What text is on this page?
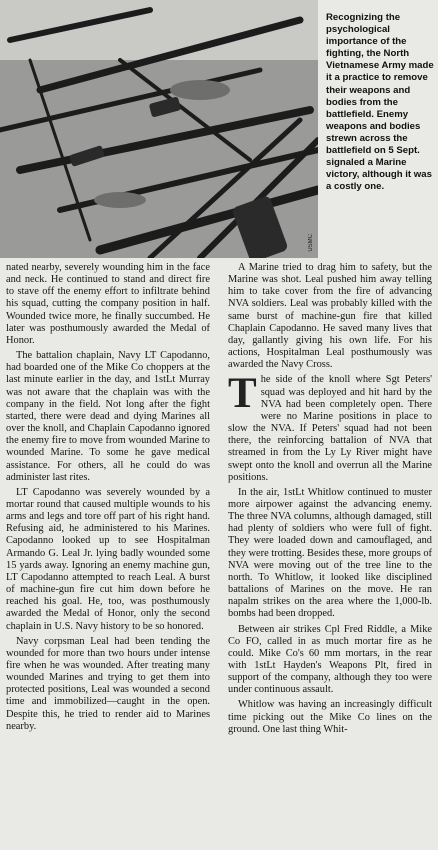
USMC
Recognizing the psychological importance of the fighting, the North Vietnamese Army made it a practice to remove their weapons and bodies from the battlefield. Enemy weapons and bodies strewn across the battlefield on 5 Sept. signaled a Marine victory, although it was a costly one.

nated nearby, severely wounding him in the face and neck. He continued to stand and direct fire to stave off the enemy effort to infiltrate behind his squad, cutting the company position in half. Wounded twice more, he finally succumbed. He later was posthumously awarded the Medal of Honor.

The battalion chaplain, Navy LT Capodanno, had boarded one of the Mike Co choppers at the last minute earlier in the day, and 1stLt Murray was not aware that the chaplain was with the company in the field. Not long after the fight started, there were dead and dying Marines all over the knoll, and Chaplain Capodanno ignored the enemy fire to move from wounded Marine to wounded Marine. To some he gave medical assistance. For others, all he could do was administer last rites.

LT Capodanno was severely wounded by a mortar round that caused multiple wounds to his arms and legs and tore off part of his right hand. Refusing aid, he administered to his Marines. Capodanno looked up to see Hospitalman Armando G. Leal Jr. lying badly wounded some 15 yards away. Ignoring an enemy machine gun, LT Capodanno attempted to reach Leal. A burst of machine-gun fire cut him down before he reached his goal. He, too, was posthumously awarded the Medal of Honor, only the second chaplain in U.S. Navy history to be so honored.

Navy corpsman Leal had been tending the wounded for more than two hours under intense fire when he was wounded. After treating many wounded Marines and trying to get them into protected positions, Leal was wounded a second time and immobilized—caught in the open. Despite this, he tried to render aid to Marines nearby.

A Marine tried to drag him to safety, but the Marine was shot. Leal pushed him away telling him to take cover from the fire of advancing NVA soldiers. Leal was probably killed with the same burst of machine-gun fire that killed Chaplain Capodanno. He saved many lives that day, gallantly giving his own life. For his actions, Hospitalman Leal posthumously was awarded the Navy Cross.

T he side of the knoll where Sgt Peters' squad was deployed and hit hard by the NVA had been completely open. There were no Marine positions in place to slow the NVA. If Peters' squad had not been there, the reinforcing battalion of NVA that streamed in from the Ly Ly River might have swept onto the knoll and overrun all the Marine positions.

In the air, 1stLt Whitlow continued to muster more airpower against the advancing enemy. The three NVA columns, although damaged, still had plenty of soldiers who were full of fight. They were loaded down and camouflaged, and they were trotting. Besides these, more groups of NVA were moving out of the tree line to the north. To Whitlow, it looked like disciplined battalions of Marines on the move. He ran napalm strikes on the area where the 1,000-lb. bombs had been dropped.

Between air strikes Cpl Fred Riddle, a Mike Co FO, called in as much mortar fire as he could. Mike Co's 60 mm mortars, in the rear with 1stLt Hayden's Weapons Plt, fired in support of the company, although they too were under continuous assault.

Whitlow was having an increasingly difficult time picking out the Mike Co lines on the ground. One last thing Whit-
